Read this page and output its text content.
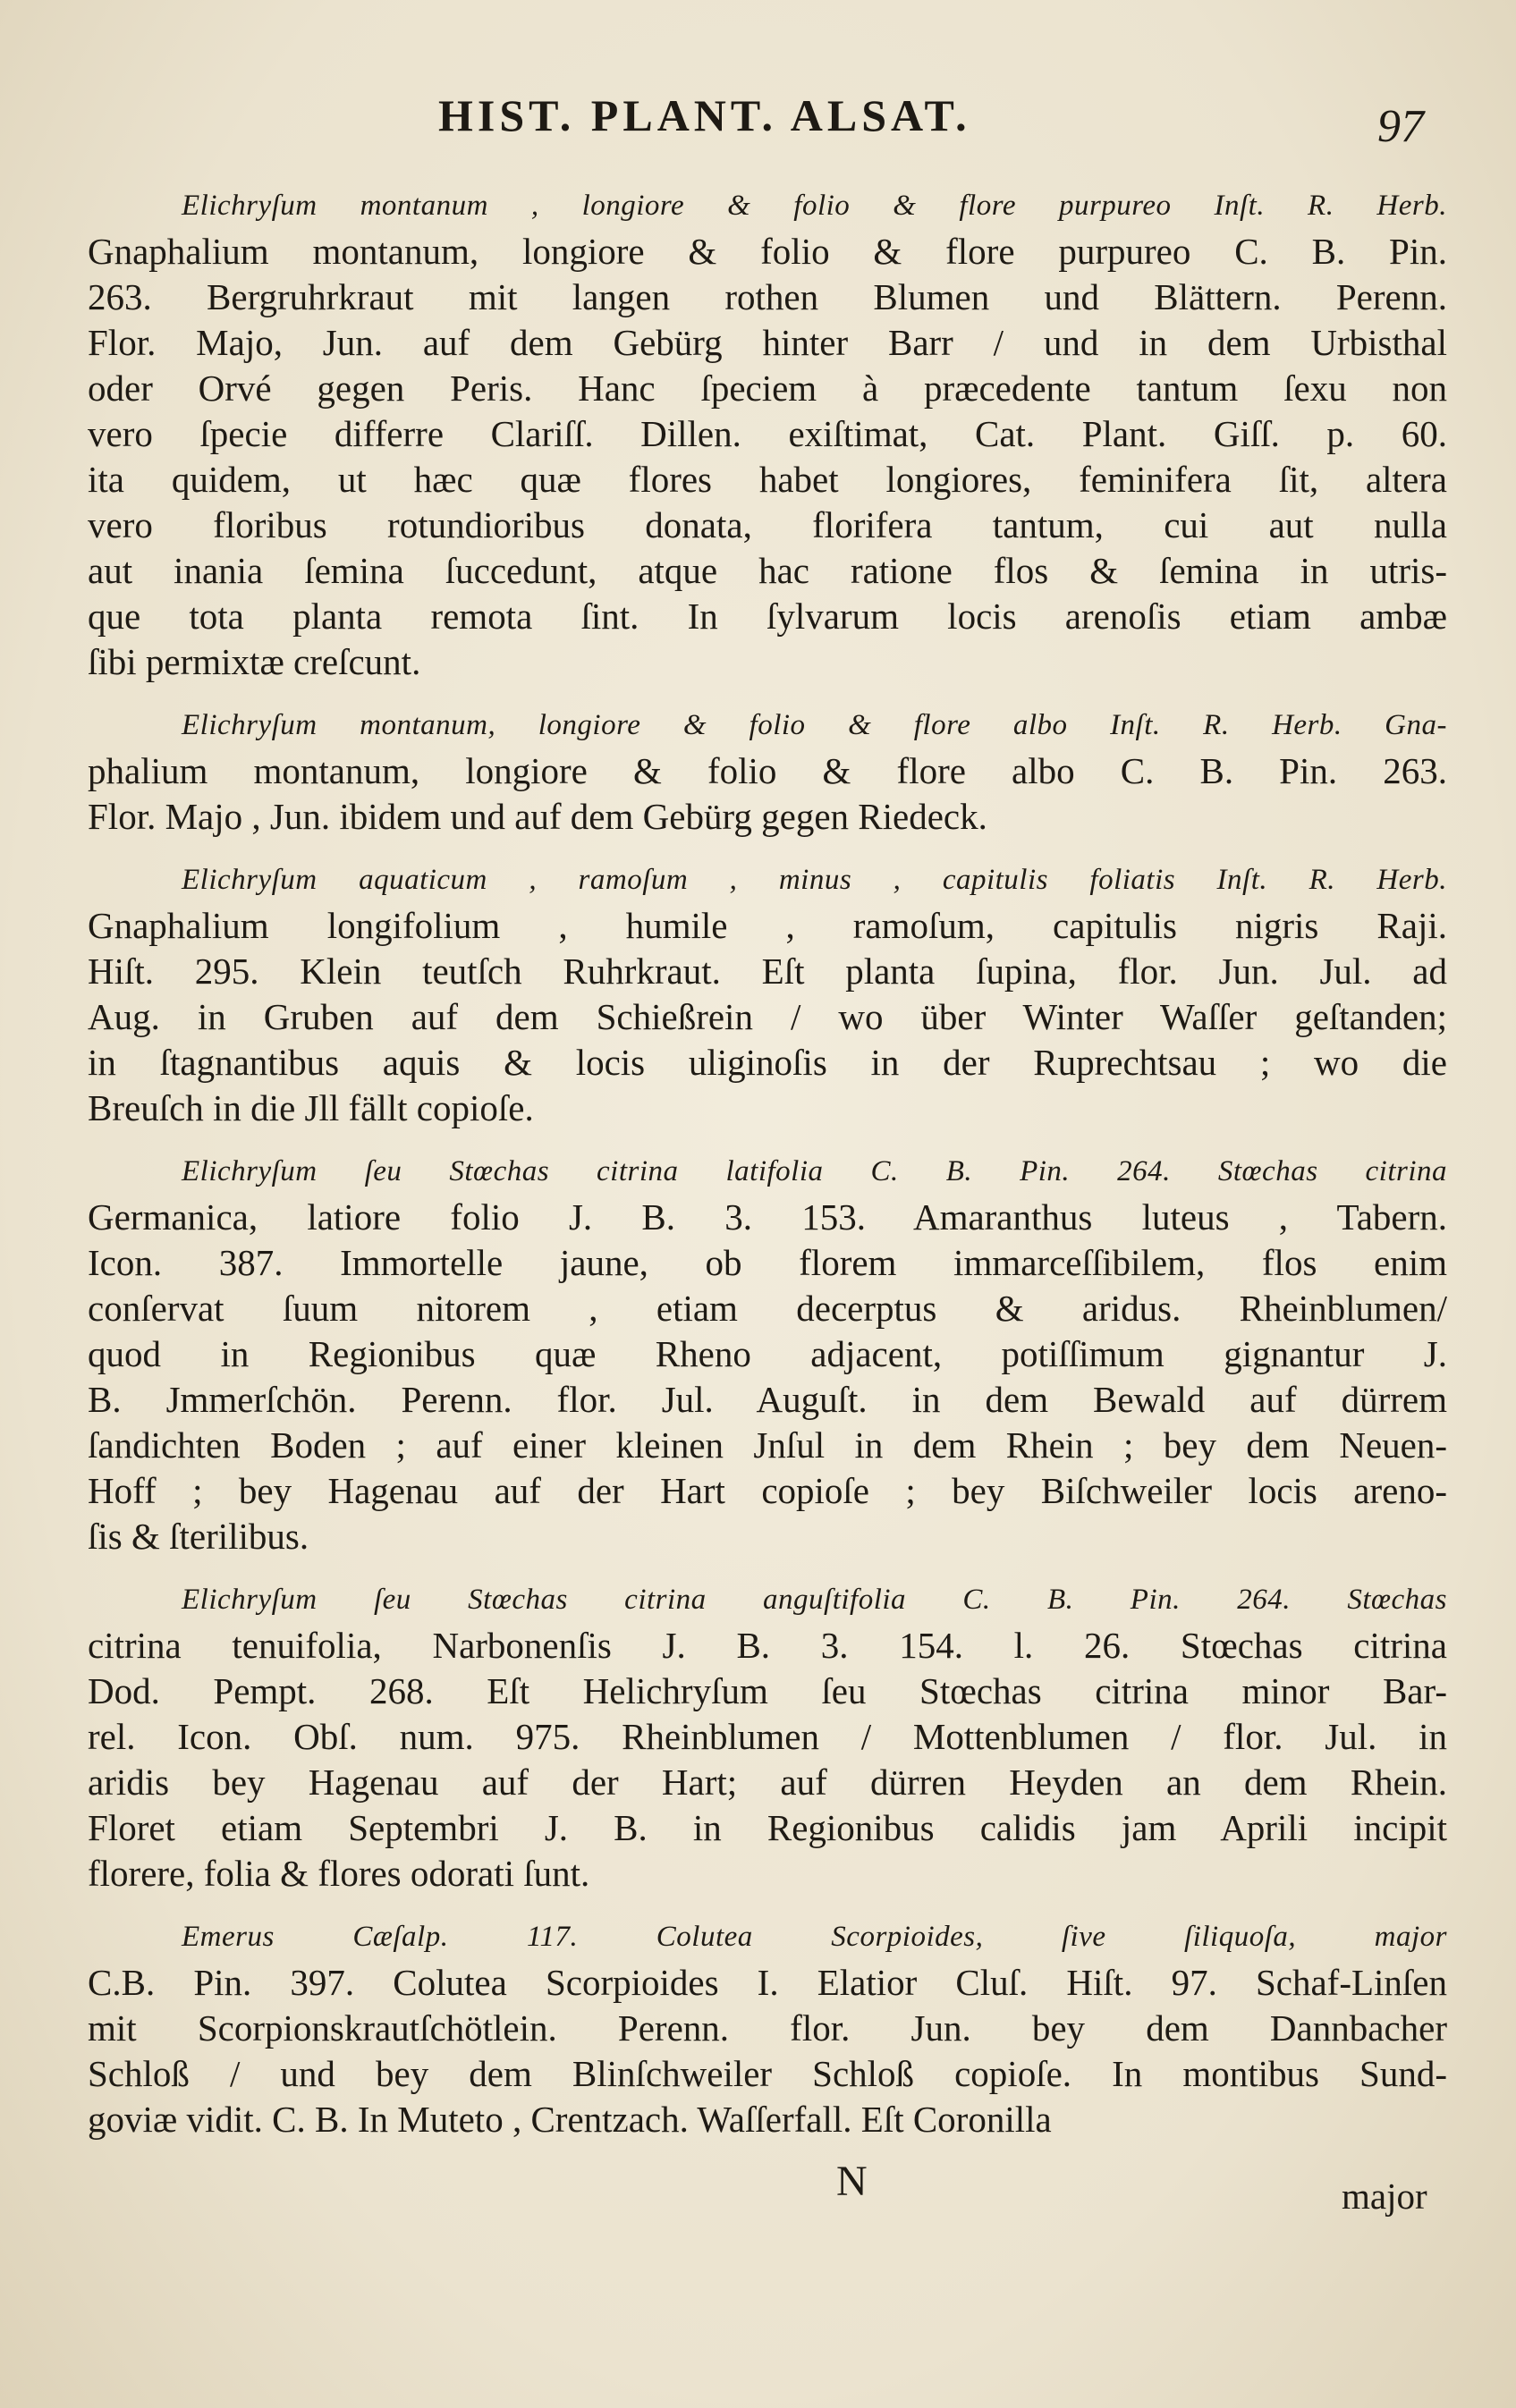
HIST. PLANT. ALSAT.	97
Elichryſum montanum , longiore & folio & flore purpureo Inſt. R. Herb.
Gnaphalium montanum, longiore & folio & flore purpureo C. B. Pin.
263. Bergruhrkraut mit langen rothen Blumen und Blättern. Perenn.
Flor. Majo, Jun. auf dem Gebürg hinter Barr / und in dem Urbisthal
oder Orvé gegen Peris. Hanc ſpeciem à præcedente tantum ſexu non
vero ſpecie differre Clariſſ. Dillen. exiſtimat, Cat. Plant. Giſſ. p. 60.
ita quidem, ut hæc quæ flores habet longiores, feminifera ſit, altera
vero floribus rotundioribus donata, florifera tantum, cui aut nulla
aut inania ſemina ſuccedunt, atque hac ratione flos & ſemina in utris-
que tota planta remota ſint. In ſylvarum locis arenoſis etiam ambæ
ſibi permixtæ creſcunt.
Elichryſum montanum, longiore & folio & flore albo Inſt. R. Herb. Gna-
phalium montanum, longiore & folio & flore albo C. B. Pin. 263.
Flor. Majo , Jun. ibidem und auf dem Gebürg gegen Riedeck.
Elichryſum aquaticum , ramoſum , minus , capitulis foliatis Inſt. R. Herb.
Gnaphalium longifolium , humile , ramoſum, capitulis nigris Raji.
Hiſt. 295. Klein teutſch Ruhrkraut. Eſt planta ſupina, flor. Jun. Jul. ad
Aug. in Gruben auf dem Schießrein / wo über Winter Waſſer geſtanden;
in ſtagnantibus aquis & locis uliginoſis in der Ruprechtsau ; wo die
Breuſch in die Jll fällt copioſe.
Elichryſum ſeu Stœchas citrina latifolia C. B. Pin. 264. Stœchas citrina
Germanica, latiore folio J. B. 3. 153. Amaranthus luteus , Tabern.
Icon. 387. Immortelle jaune, ob florem immarceſſibilem, flos enim
conſervat ſuum nitorem , etiam decerptus & aridus. Rheinblumen/
quod in Regionibus quæ Rheno adjacent, potiſſimum gignantur J.
B. Jmmerſchön. Perenn. flor. Jul. Auguſt. in dem Bewald auf dürrem
ſandichten Boden ; auf einer kleinen Jnſul in dem Rhein ; bey dem Neuen-
Hoff ; bey Hagenau auf der Hart copioſe ; bey Biſchweiler locis areno-
ſis & ſterilibus.
Elichryſum ſeu Stœchas citrina anguſtifolia C. B. Pin. 264. Stœchas
citrina tenuifolia, Narbonenſis J. B. 3. 154. l. 26. Stœchas citrina
Dod. Pempt. 268. Eſt Helichryſum ſeu Stœchas citrina minor Bar-
rel. Icon. Obſ. num. 975. Rheinblumen / Mottenblumen / flor. Jul. in
aridis bey Hagenau auf der Hart; auf dürren Heyden an dem Rhein.
Floret etiam Septembri J. B. in Regionibus calidis jam Aprili incipit
florere, folia & flores odorati ſunt.
Emerus Cæſalp. 117. Colutea Scorpioides, ſive ſiliquoſa, major
C.B. Pin. 397. Colutea Scorpioides I. Elatior Cluſ. Hiſt. 97. Schaf-Linſen
mit Scorpionskrautſchötlein. Perenn. flor. Jun. bey dem Dannbacher
Schloß / und bey dem Blinſchweiler Schloß copioſe. In montibus Sund-
goviæ vidit. C. B. In Muteto , Crentzach. Waſſerfall. Eſt Coronilla
N	major
